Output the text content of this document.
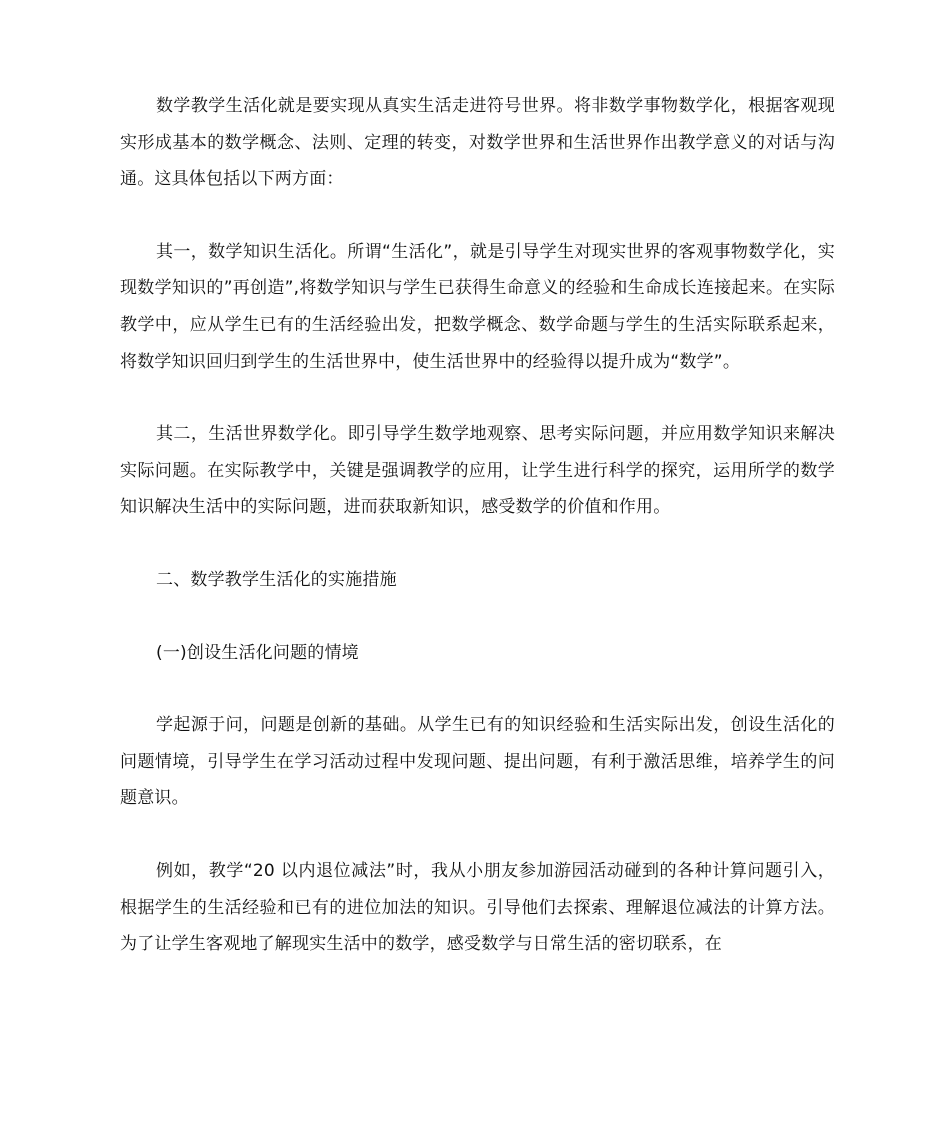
数学教学生活化就是要实现从真实生活走进符号世界。将非数学事物数学化，根据客观现实形成基本的数学概念、法则、定理的转变，对数学世界和生活世界作出教学意义的对话与沟通。这具体包括以下两方面：

其一，数学知识生活化。所谓“生活化”，就是引导学生对现实世界的客观事物数学化，实现数学知识的”再创造”,将数学知识与学生已获得生命意义的经验和生命成长连接起来。在实际教学中，应从学生已有的生活经验出发，把数学概念、数学命题与学生的生活实际联系起来，将数学知识回归到学生的生活世界中，使生活世界中的经验得以提升成为“数学”。

其二，生活世界数学化。即引导学生数学地观察、思考实际问题，并应用数学知识来解决实际问题。在实际教学中，关键是强调教学的应用，让学生进行科学的探究，运用所学的数学知识解决生活中的实际问题，进而获取新知识，感受数学的价值和作用。

二、数学教学生活化的实施措施

(一)创设生活化问题的情境

学起源于问，问题是创新的基础。从学生已有的知识经验和生活实际出发，创设生活化的问题情境，引导学生在学习活动过程中发现问题、提出问题，有利于激活思维，培养学生的问题意识。

例如，教学“20 以内退位减法”时，我从小朋友参加游园活动碰到的各种计算问题引入，根据学生的生活经验和已有的进位加法的知识。引导他们去探索、理解退位减法的计算方法。为了让学生客观地了解现实生活中的数学，感受数学与日常生活的密切联系，在
